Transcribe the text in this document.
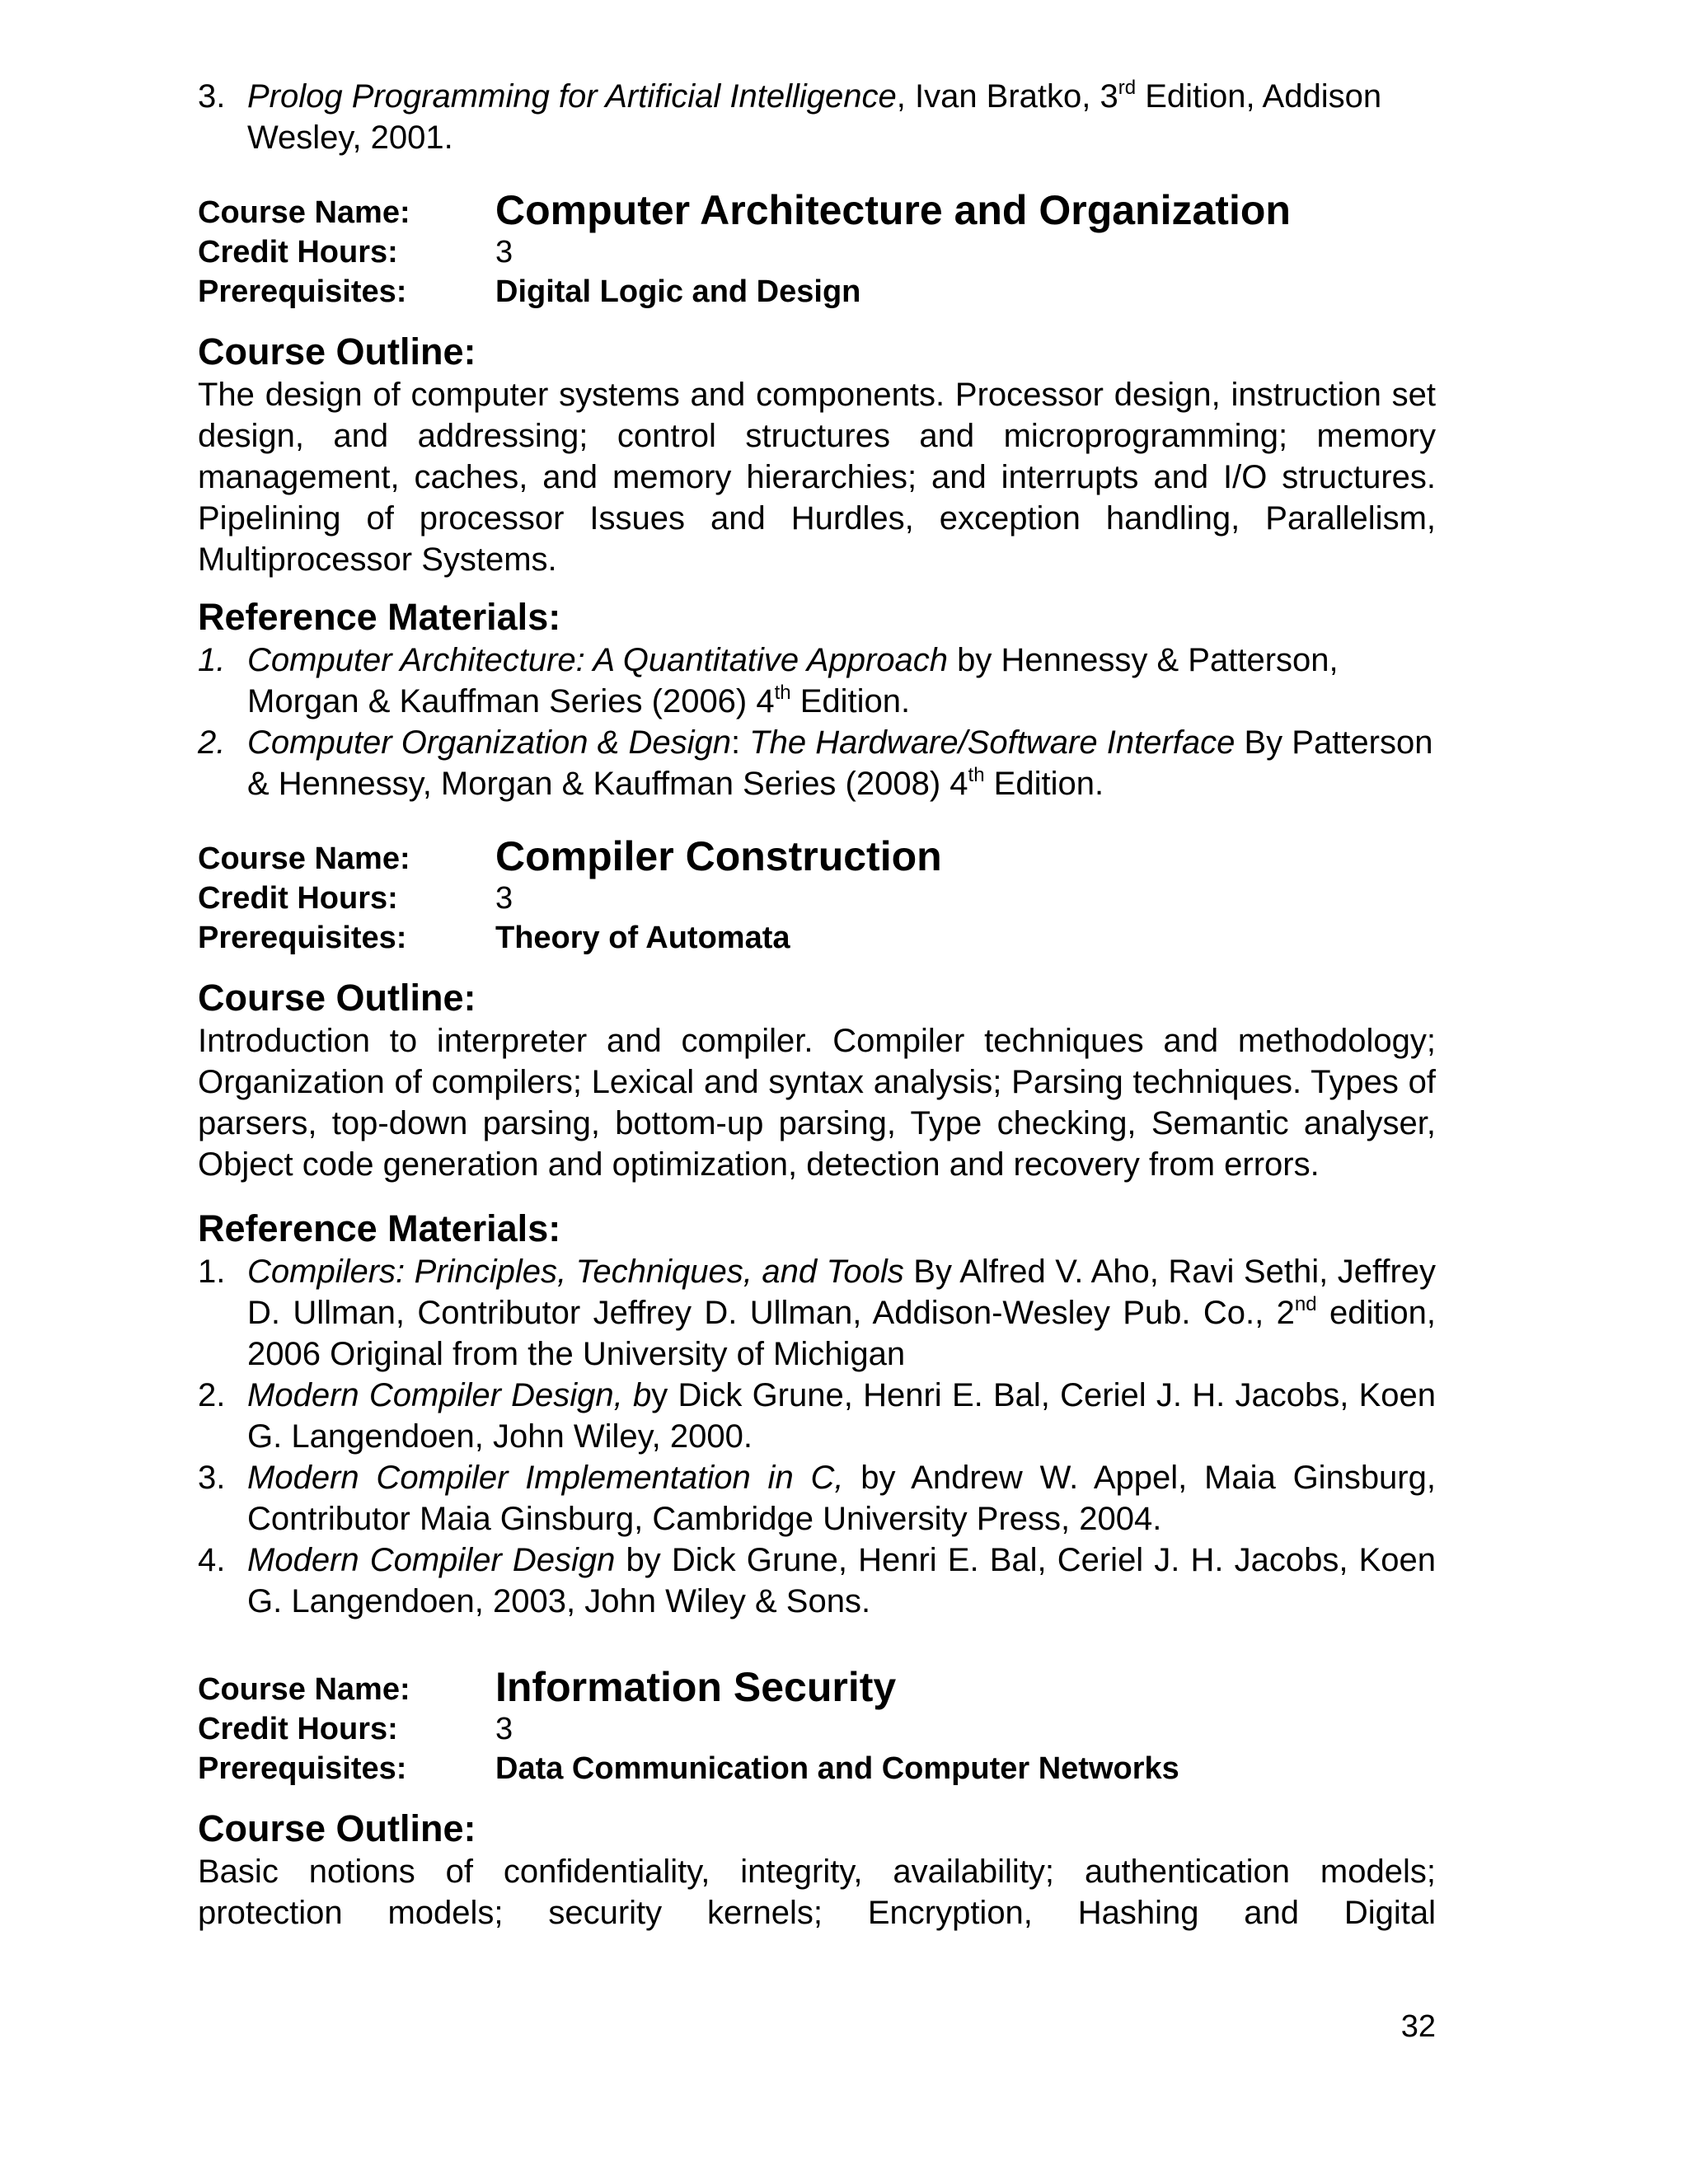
3. Prolog Programming for Artificial Intelligence, Ivan Bratko, 3rd Edition, Addison Wesley, 2001.
Course Name: Computer Architecture and Organization
Credit Hours:	3
Prerequisites:	Digital Logic and Design
Course Outline:

The design of computer systems and components. Processor design, instruction set design, and addressing; control structures and microprogramming; memory management, caches, and memory hierarchies; and interrupts and I/O structures. Pipelining of processor Issues and Hurdles, exception handling, Parallelism, Multiprocessor Systems.

Reference Materials:
1. Computer Architecture: A Quantitative Approach by Hennessy & Patterson, Morgan & Kauffman Series (2006) 4th Edition.
2. Computer Organization & Design: The Hardware/Software Interface By Patterson & Hennessy, Morgan & Kauffman Series (2008) 4th Edition.
Course Name: Compiler Construction
Credit Hours:	3
Prerequisites:	Theory of Automata
Course Outline:

Introduction to interpreter and compiler. Compiler techniques and methodology; Organization of compilers; Lexical and syntax analysis; Parsing techniques. Types of parsers, top-down parsing, bottom-up parsing, Type checking, Semantic analyser, Object code generation and optimization, detection and recovery from errors.

Reference Materials:
1. Compilers: Principles, Techniques, and Tools By Alfred V. Aho, Ravi Sethi, Jeffrey D. Ullman, Contributor Jeffrey D. Ullman, Addison-Wesley Pub. Co., 2nd edition, 2006 Original from the University of Michigan
2. Modern Compiler Design, by Dick Grune, Henri E. Bal, Ceriel J. H. Jacobs, Koen G. Langendoen, John Wiley, 2000.
3. Modern Compiler Implementation in C, by Andrew W. Appel, Maia Ginsburg, Contributor Maia Ginsburg, Cambridge University Press, 2004.
4. Modern Compiler Design by Dick Grune, Henri E. Bal, Ceriel J. H. Jacobs, Koen G. Langendoen, 2003, John Wiley & Sons.
Course Name: Information Security
Credit Hours:	3
Prerequisites:	Data Communication and Computer Networks
Course Outline:

Basic notions of confidentiality, integrity, availability; authentication models; protection models; security kernels; Encryption, Hashing and Digital

32
